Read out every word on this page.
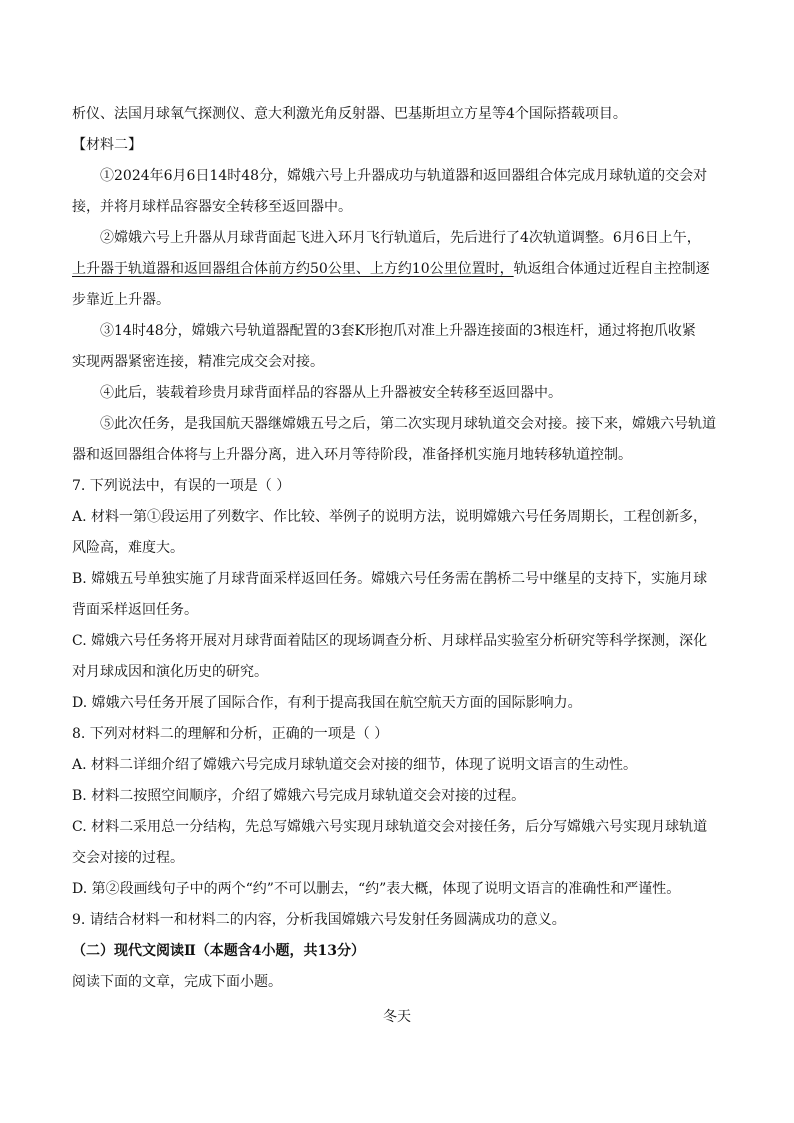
析仪、法国月球氧气探测仪、意大利激光角反射器、巴基斯坦立方星等4个国际搭载项目。
【材料二】
①2024年6月6日14时48分，嫦娥六号上升器成功与轨道器和返回器组合体完成月球轨道的交会对
接，并将月球样品容器安全转移至返回器中。
②嫦娥六号上升器从月球背面起飞进入环月飞行轨道后，先后进行了4次轨道调整。6月6日上午，
上升器于轨道器和返回器组合体前方约50公里、上方约10公里位置时，轨返组合体通过近程自主控制逐
步靠近上升器。
③14时48分，嫦娥六号轨道器配置的3套K形抱爪对准上升器连接面的3根连杆，通过将抱爪收紧
实现两器紧密连接，精准完成交会对接。
④此后，装载着珍贵月球背面样品的容器从上升器被安全转移至返回器中。
⑤此次任务，是我国航天器继嫦娥五号之后，第二次实现月球轨道交会对接。接下来，嫦娥六号轨道
器和返回器组合体将与上升器分离，进入环月等待阶段，准备择机实施月地转移轨道控制。
7. 下列说法中，有误的一项是（ ）
A. 材料一第①段运用了列数字、作比较、举例子的说明方法，说明嫦娥六号任务周期长，工程创新多，
风险高，难度大。
B. 嫦娥五号单独实施了月球背面采样返回任务。嫦娥六号任务需在鹊桥二号中继星的支持下，实施月球
背面采样返回任务。
C. 嫦娥六号任务将开展对月球背面着陆区的现场调查分析、月球样品实验室分析研究等科学探测，深化
对月球成因和演化历史的研究。
D. 嫦娥六号任务开展了国际合作，有利于提高我国在航空航天方面的国际影响力。
8. 下列对材料二的理解和分析，正确的一项是（ ）
A. 材料二详细介绍了嫦娥六号完成月球轨道交会对接的细节，体现了说明文语言的生动性。
B. 材料二按照空间顺序，介绍了嫦娥六号完成月球轨道交会对接的过程。
C. 材料二采用总一分结构，先总写嫦娥六号实现月球轨道交会对接任务，后分写嫦娥六号实现月球轨道
交会对接的过程。
D. 第②段画线句子中的两个“约”不可以删去，“约”表大概，体现了说明文语言的准确性和严谨性。
9. 请结合材料一和材料二的内容，分析我国嫦娥六号发射任务圆满成功的意义。
（二）现代文阅读Ⅱ（本题含4小题，共13分）
阅读下面的文章，完成下面小题。
冬天
